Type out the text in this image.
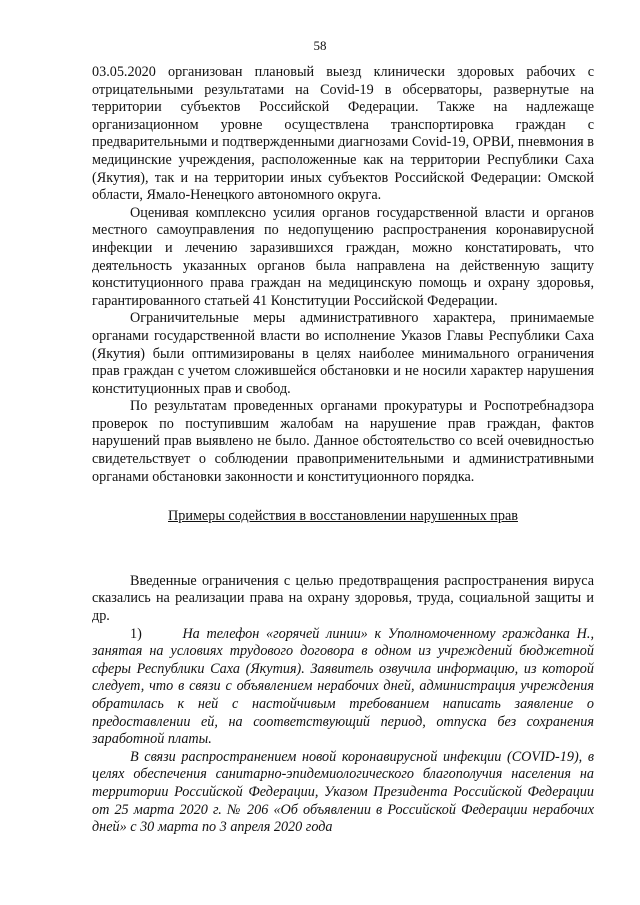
58

03.05.2020 организован плановый выезд клинически здоровых рабочих с отрицательными результатами на Covid-19 в обсерваторы, развернутые на территории субъектов Российской Федерации. Также на надлежаще организационном уровне осуществлена транспортировка граждан с предварительными и подтвержденными диагнозами Covid-19, ОРВИ, пневмония в медицинские учреждения, расположенные как на территории Республики Саха (Якутия), так и на территории иных субъектов Российской Федерации: Омской области, Ямало-Ненецкого автономного округа.

Оценивая комплексно усилия органов государственной власти и органов местного самоуправления по недопущению распространения коронавирусной инфекции и лечению заразившихся граждан, можно констатировать, что деятельность указанных органов была направлена на действенную защиту конституционного права граждан на медицинскую помощь и охрану здоровья, гарантированного статьей 41 Конституции Российской Федерации.

Ограничительные меры административного характера, принимаемые органами государственной власти во исполнение Указов Главы Республики Саха (Якутия) были оптимизированы в целях наиболее минимального ограничения прав граждан с учетом сложившейся обстановки и не носили характер нарушения конституционных прав и свобод.

По результатам проведенных органами прокуратуры и Роспотребнадзора проверок по поступившим жалобам на нарушение прав граждан, фактов нарушений прав выявлено не было. Данное обстоятельство со всей очевидностью свидетельствует о соблюдении правоприменительными и административными органами обстановки законности и конституционного порядка.

Примеры содействия в восстановлении нарушенных прав

Введенные ограничения с целью предотвращения распространения вируса сказались на реализации права на охрану здоровья, труда, социальной защиты и др.

1)	На телефон «горячей линии» к Уполномоченному гражданка Н., занятая на условиях трудового договора в одном из учреждений бюджетной сферы Республики Саха (Якутия). Заявитель озвучила информацию, из которой следует, что в связи с объявлением нерабочих дней, администрация учреждения обратилась к ней с настойчивым требованием написать заявление о предоставлении ей, на соответствующий период, отпуска без сохранения заработной платы.

В связи распространением новой коронавирусной инфекции (COVID-19), в целях обеспечения санитарно-эпидемиологического благополучия населения на территории Российской Федерации, Указом Президента Российской Федерации от 25 марта 2020 г. № 206 «Об объявлении в Российской Федерации нерабочих дней» с 30 марта по 3 апреля 2020 года
